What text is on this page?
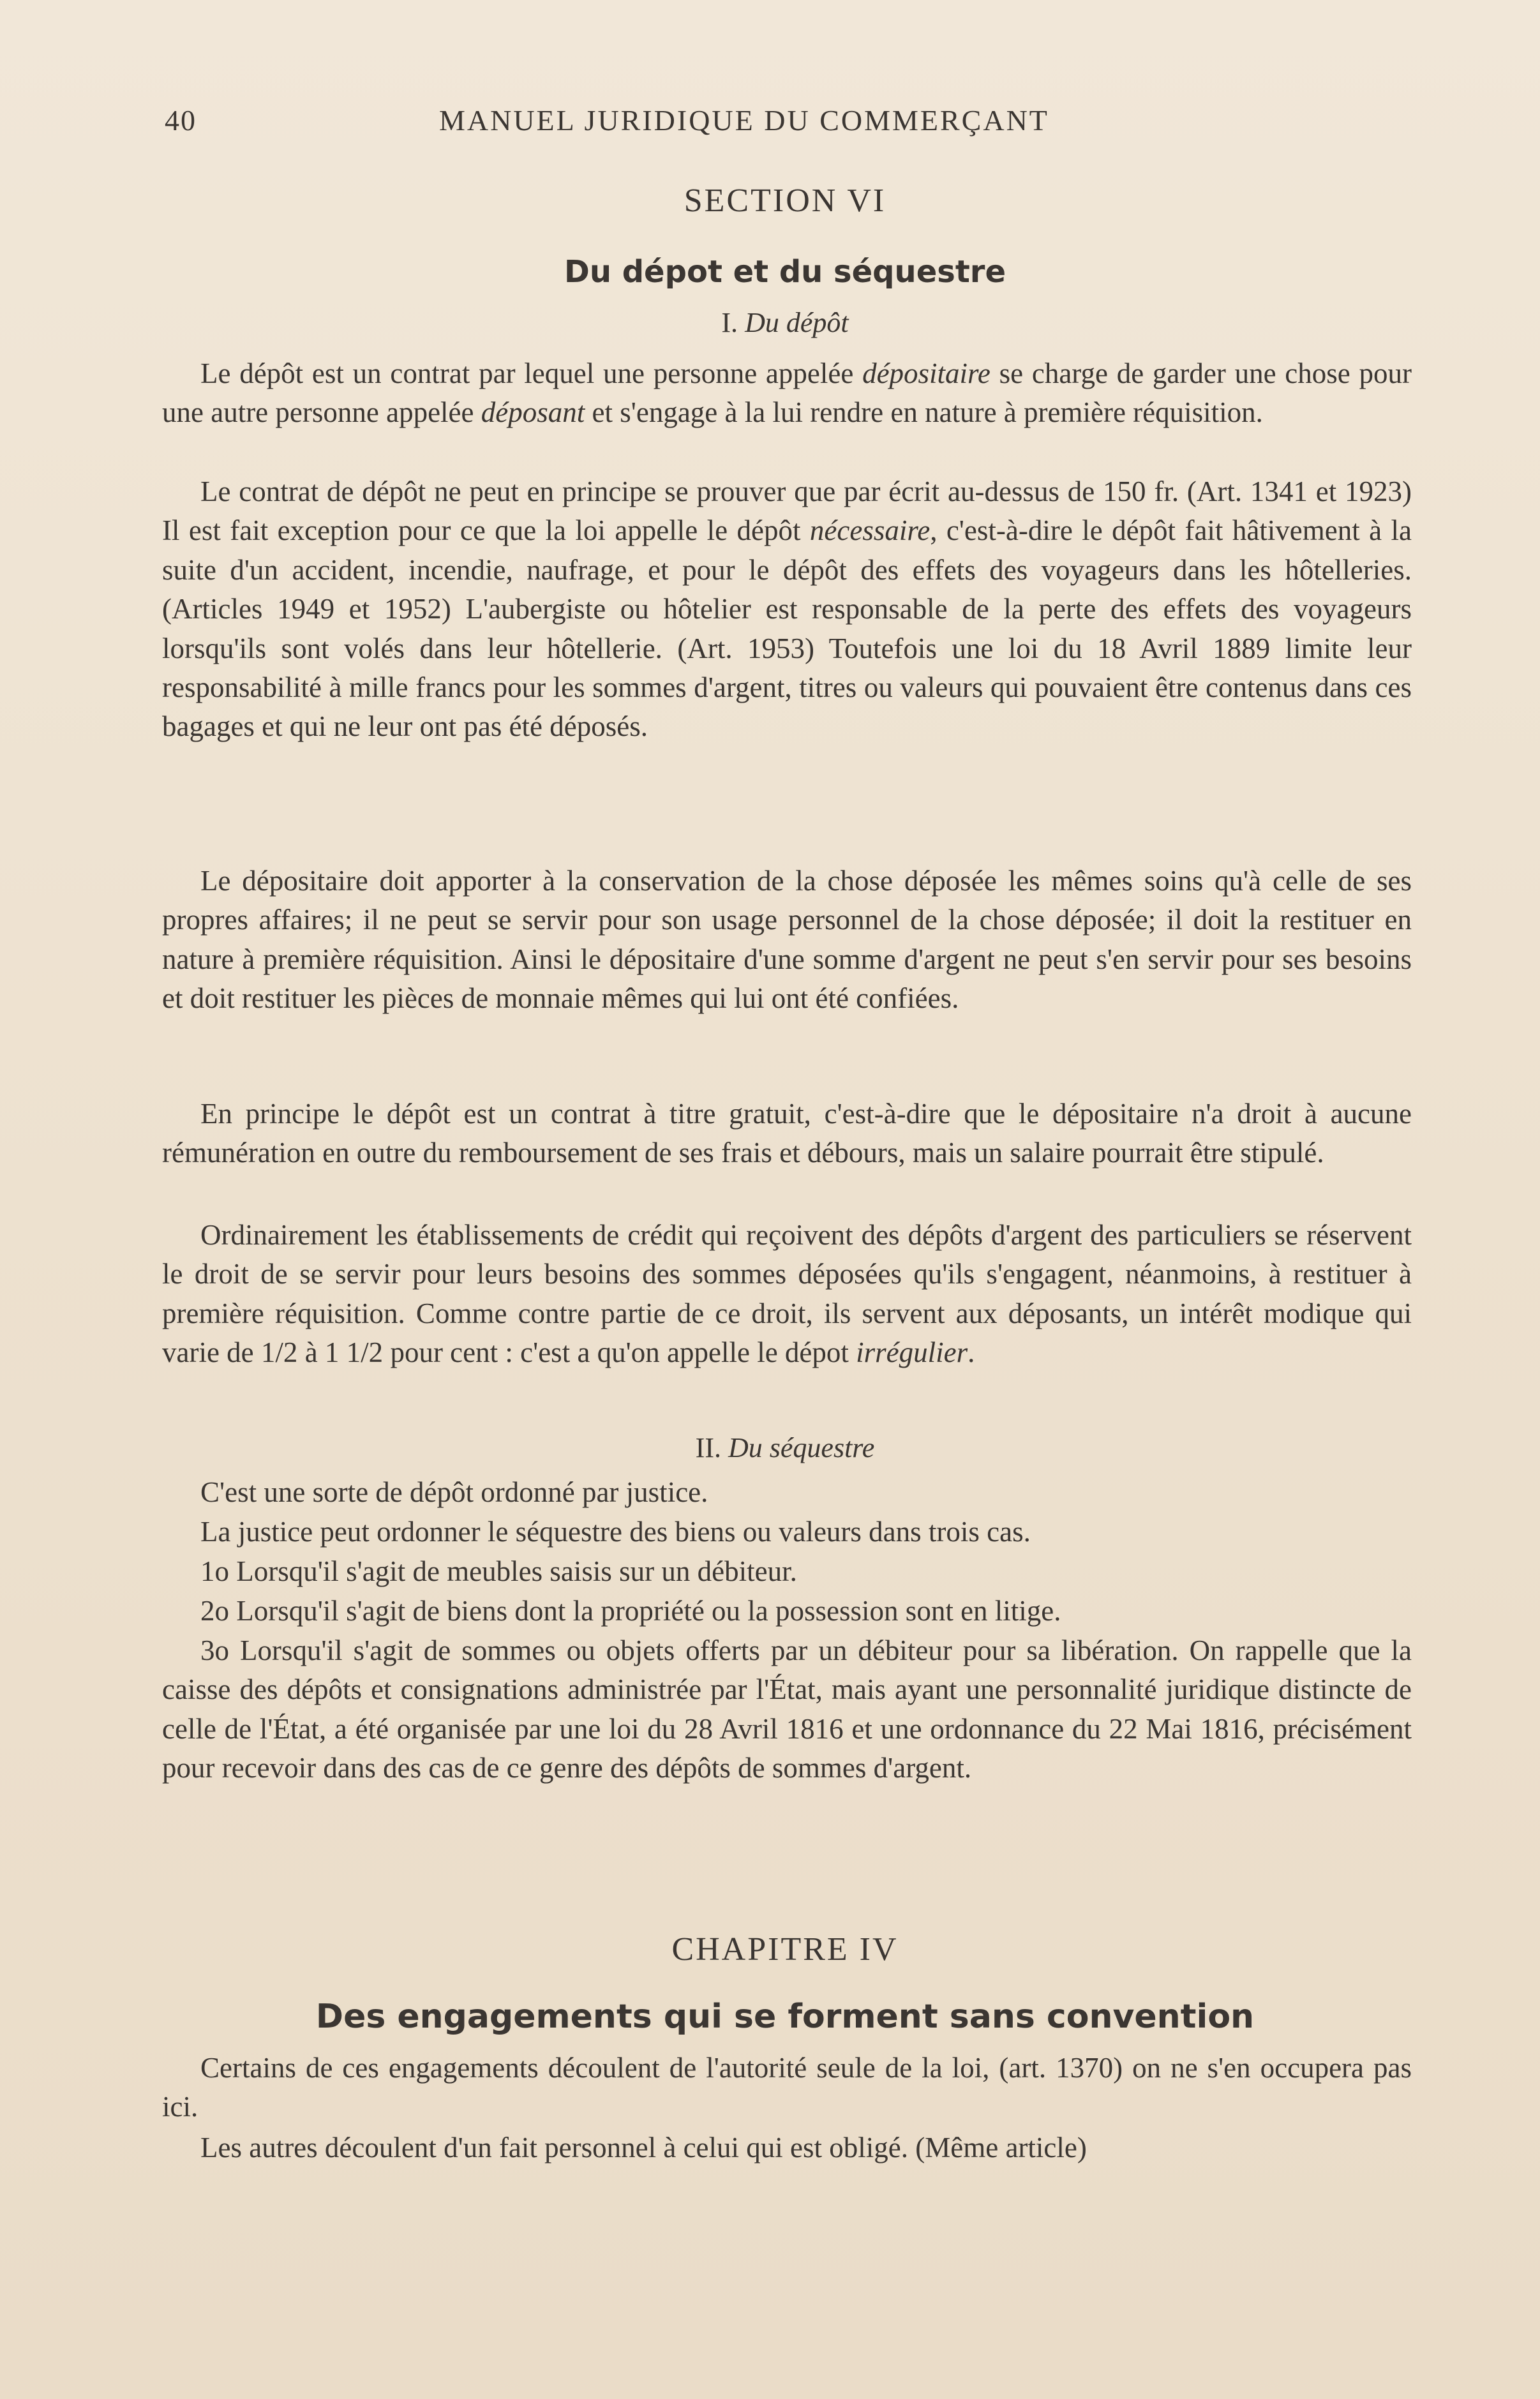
40	MANUEL JURIDIQUE DU COMMERÇANT
SECTION VI
Du dépot et du séquestre
I. Du dépôt
Le dépôt est un contrat par lequel une personne appelée dépositaire se charge de garder une chose pour une autre personne appelée déposant et s'engage à la lui rendre en nature à première réquisition.
Le contrat de dépôt ne peut en principe se prouver que par écrit au-dessus de 150 fr. (Art. 1341 et 1923) Il est fait exception pour ce que la loi appelle le dépôt nécessaire, c'est-à-dire le dépôt fait hâtivement à la suite d'un accident, incendie, naufrage, et pour le dépôt des effets des voyageurs dans les hôtelleries. (Articles 1949 et 1952) L'aubergiste ou hôtelier est responsable de la perte des effets des voyageurs lorsqu'ils sont volés dans leur hôtellerie. (Art. 1953) Toutefois une loi du 18 Avril 1889 limite leur responsabilité à mille francs pour les sommes d'argent, titres ou valeurs qui pouvaient être contenus dans ces bagages et qui ne leur ont pas été déposés.
Le dépositaire doit apporter à la conservation de la chose déposée les mêmes soins qu'à celle de ses propres affaires; il ne peut se servir pour son usage personnel de la chose déposée; il doit la restituer en nature à première réquisition. Ainsi le dépositaire d'une somme d'argent ne peut s'en servir pour ses besoins et doit restituer les pièces de monnaie mêmes qui lui ont été confiées.
En principe le dépôt est un contrat à titre gratuit, c'est-à-dire que le dépositaire n'a droit à aucune rémunération en outre du remboursement de ses frais et débours, mais un salaire pourrait être stipulé.
Ordinairement les établissements de crédit qui reçoivent des dépôts d'argent des particuliers se réservent le droit de se servir pour leurs besoins des sommes déposées qu'ils s'engagent, néanmoins, à restituer à première réquisition. Comme contre partie de ce droit, ils servent aux déposants, un intérêt modique qui varie de 1/2 à 1 1/2 pour cent : c'est a qu'on appelle le dépot irrégulier.
II. Du séquestre
C'est une sorte de dépôt ordonné par justice.
La justice peut ordonner le séquestre des biens ou valeurs dans trois cas.
1o Lorsqu'il s'agit de meubles saisis sur un débiteur.
2o Lorsqu'il s'agit de biens dont la propriété ou la possession sont en litige.
3o Lorsqu'il s'agit de sommes ou objets offerts par un débiteur pour sa libération. On rappelle que la caisse des dépôts et consignations administrée par l'État, mais ayant une personnalité juridique distincte de celle de l'État, a été organisée par une loi du 28 Avril 1816 et une ordonnance du 22 Mai 1816, précisément pour recevoir dans des cas de ce genre des dépôts de sommes d'argent.
CHAPITRE IV
Des engagements qui se forment sans convention
Certains de ces engagements découlent de l'autorité seule de la loi, (art. 1370) on ne s'en occupera pas ici.
Les autres découlent d'un fait personnel à celui qui est obligé. (Même article)
